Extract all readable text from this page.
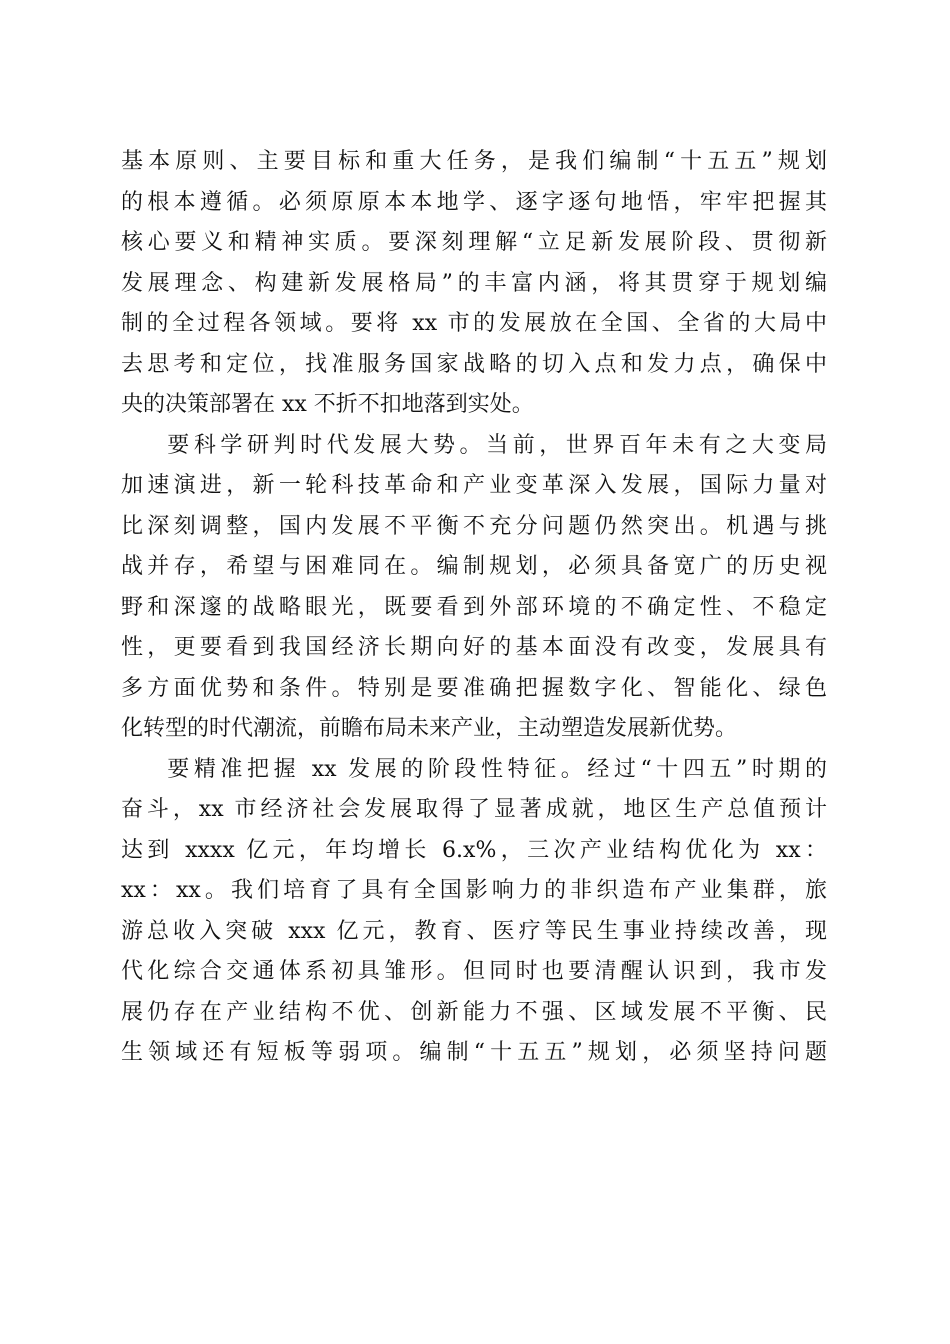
基本原则、主要目标和重大任务，是我们编制“十五五”规划
的根本遵循。必须原原本本地学、逐字逐句地悟，牢牢把握其
核心要义和精神实质。要深刻理解“立足新发展阶段、贯彻新
发展理念、构建新发展格局”的丰富内涵，将其贯穿于规划编
制的全过程各领域。要将 xx 市的发展放在全国、全省的大局中
去思考和定位，找准服务国家战略的切入点和发力点，确保中
央的决策部署在 xx 不折不扣地落到实处。
要科学研判时代发展大势。当前，世界百年未有之大变局
加速演进，新一轮科技革命和产业变革深入发展，国际力量对
比深刻调整，国内发展不平衡不充分问题仍然突出。机遇与挑
战并存，希望与困难同在。编制规划，必须具备宽广的历史视
野和深邃的战略眼光，既要看到外部环境的不确定性、不稳定
性，更要看到我国经济长期向好的基本面没有改变，发展具有
多方面优势和条件。特别是要准确把握数字化、智能化、绿色
化转型的时代潮流，前瞻布局未来产业，主动塑造发展新优势。
要精准把握 xx 发展的阶段性特征。经过“十四五”时期的
奋斗，xx 市经济社会发展取得了显著成就，地区生产总值预计
达到 xxxx 亿元，年均增长 6.x%，三次产业结构优化为 xx：
xx：xx。我们培育了具有全国影响力的非织造布产业集群，旅
游总收入突破 xxx 亿元，教育、医疗等民生事业持续改善，现
代化综合交通体系初具雏形。但同时也要清醒认识到，我市发
展仍存在产业结构不优、创新能力不强、区域发展不平衡、民
生领域还有短板等弱项。编制“十五五”规划，必须坚持问题
